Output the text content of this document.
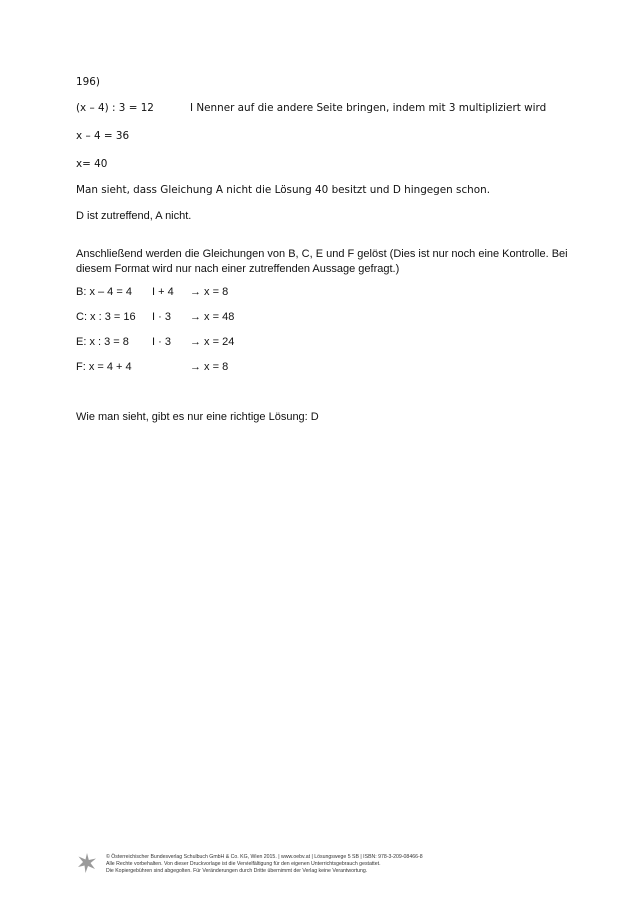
196)
(x – 4) : 3 = 12	I Nenner auf die andere Seite bringen, indem mit 3 multipliziert wird
x – 4 = 36
x= 40
Man sieht, dass Gleichung A nicht die Lösung 40 besitzt und D hingegen schon.
D ist zutreffend, A nicht.
Anschließend werden die Gleichungen von B, C, E und F gelöst (Dies ist nur noch eine Kontrolle. Bei diesem Format wird nur nach einer zutreffenden Aussage gefragt.)
B: x – 4 = 4 I + 4 → x = 8
C: x : 3 = 16 I · 3 → x = 48
E: x : 3 = 8 I · 3 → x = 24
F: x = 4 + 4	→ x = 8
Wie man sieht, gibt es nur eine richtige Lösung: D
© Österreichischer Bundesverlag Schulbuch GmbH & Co. KG, Wien 2015. | www.oebv.at | Lösungswege 5 SB | ISBN: 978-3-209-08466-8
Alle Rechte vorbehalten. Von dieser Druckvorlage ist die Vervielfältigung für den eigenen Unterrichtsgebrauch gestattet.
Die Kopiergebühren sind abgegolten. Für Veränderungen durch Dritte übernimmt der Verlag keine Verantwortung.
